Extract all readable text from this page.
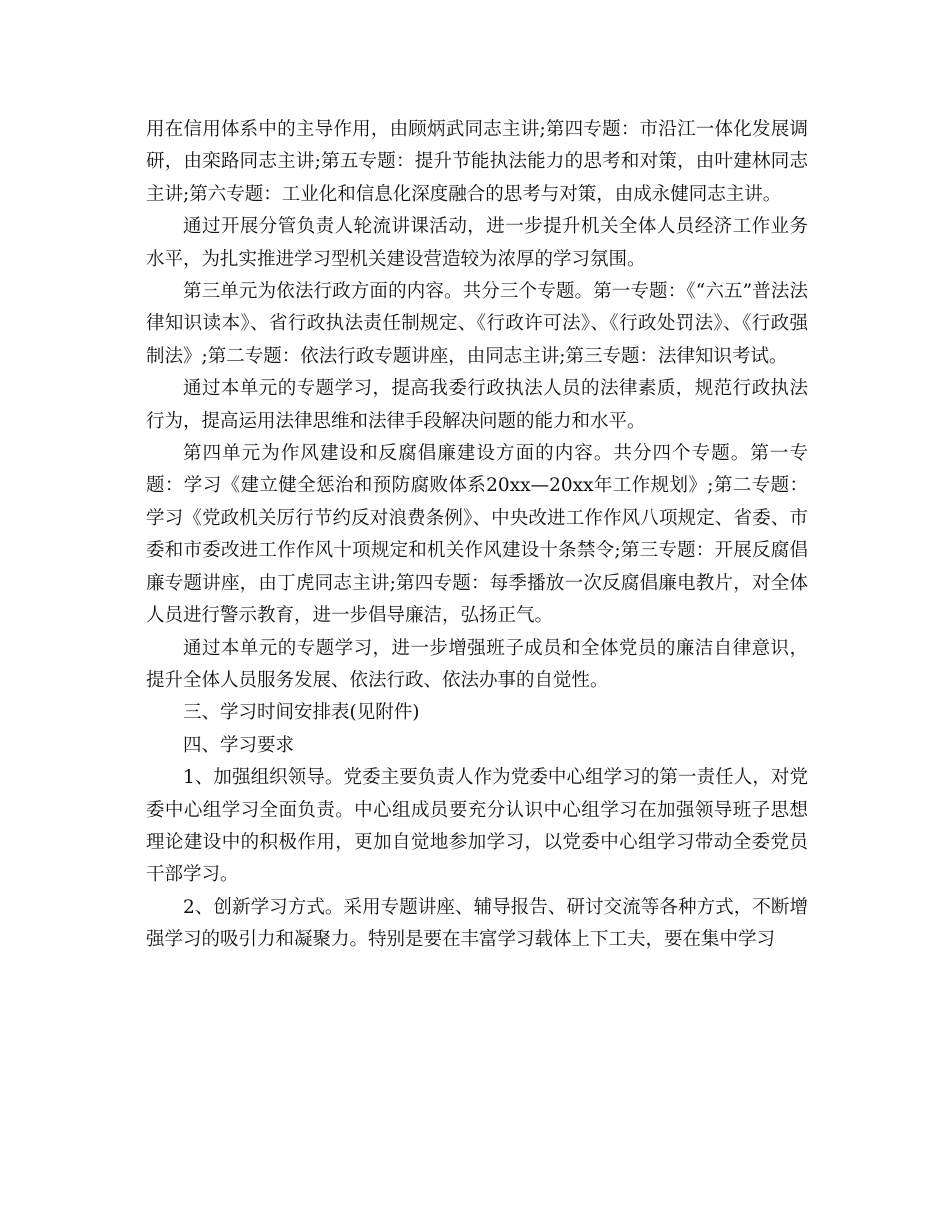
用在信用体系中的主导作用，由顾炳武同志主讲;第四专题：市沿江一体化发展调研，由栾路同志主讲;第五专题：提升节能执法能力的思考和对策，由叶建林同志主讲;第六专题：工业化和信息化深度融合的思考与对策，由成永健同志主讲。

通过开展分管负责人轮流讲课活动，进一步提升机关全体人员经济工作业务水平，为扎实推进学习型机关建设营造较为浓厚的学习氛围。

第三单元为依法行政方面的内容。共分三个专题。第一专题：《“六五”普法法律知识读本》、省行政执法责任制规定、《行政许可法》、《行政处罚法》、《行政强制法》;第二专题：依法行政专题讲座，由同志主讲;第三专题：法律知识考试。

通过本单元的专题学习，提高我委行政执法人员的法律素质，规范行政执法行为，提高运用法律思维和法律手段解决问题的能力和水平。

第四单元为作风建设和反腐倡廉建设方面的内容。共分四个专题。第一专题：学习《建立健全惩治和预防腐败体系20xx—20xx年工作规划》;第二专题：学习《党政机关厉行节约反对浪费条例》、中央改进工作作风八项规定、省委、市委和市委改进工作作风十项规定和机关作风建设十条禁令;第三专题：开展反腐倡廉专题讲座，由丁虎同志主讲;第四专题：每季播放一次反腐倡廉电教片，对全体人员进行警示教育，进一步倡导廉洁，弘扬正气。

通过本单元的专题学习，进一步增强班子成员和全体党员的廉洁自律意识，提升全体人员服务发展、依法行政、依法办事的自觉性。

三、学习时间安排表(见附件)

四、学习要求

1、加强组织领导。党委主要负责人作为党委中心组学习的第一责任人，对党委中心组学习全面负责。中心组成员要充分认识中心组学习在加强领导班子思想理论建设中的积极作用，更加自觉地参加学习，以党委中心组学习带动全委党员干部学习。

2、创新学习方式。采用专题讲座、辅导报告、研讨交流等各种方式，不断增强学习的吸引力和凝聚力。特别是要在丰富学习载体上下工夫，要在集中学习
